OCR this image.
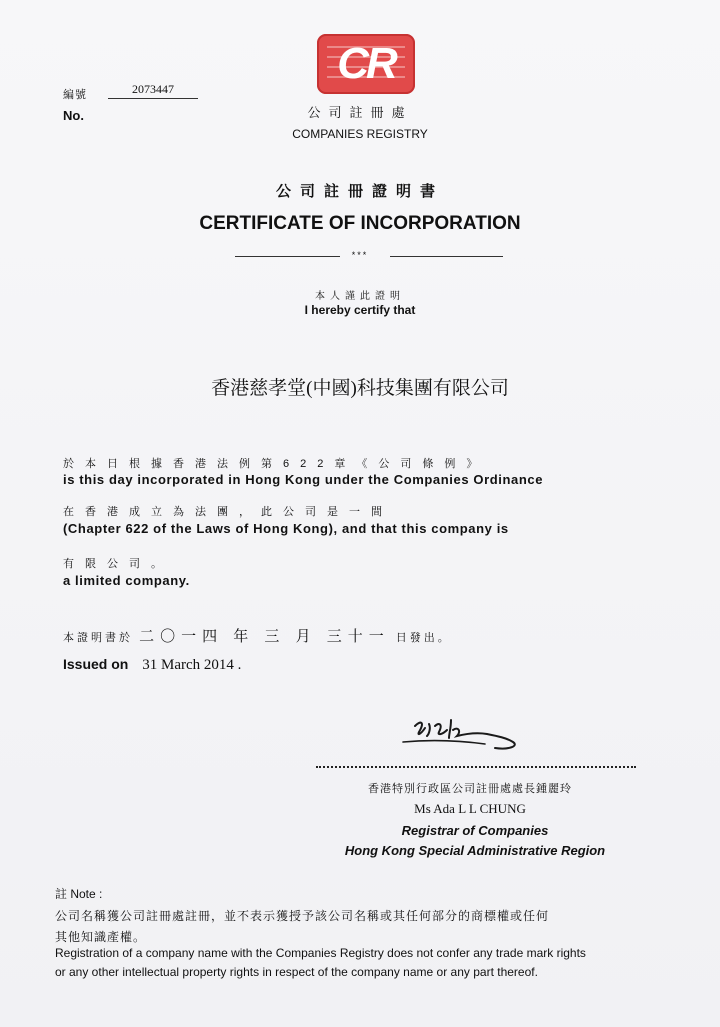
編號	2073447
No.
CR
公司註冊處
COMPANIES REGISTRY
公司註冊證明書
CERTIFICATE OF INCORPORATION
***
本人謹此證明
I hereby certify that
香港慈孝堂(中國)科技集團有限公司
於本日根據香港法例第622章《公司條例》
is this day incorporated in Hong Kong under the Companies Ordinance
在香港成立為法團，此公司是一間
(Chapter 622 of the Laws of Hong Kong), and that this company is
有限公司。
a limited company.
本證明書於 二〇一四 年 三 月 三十一 日發出。
Issued on 31 March 2014 .
香港特別行政區公司註冊處處長鍾麗玲
Ms Ada L L CHUNG
Registrar of Companies
Hong Kong Special Administrative Region
註 Note :
公司名稱獲公司註冊處註冊，並不表示獲授予該公司名稱或其任何部分的商標權或任何
其他知識產權。
Registration of a company name with the Companies Registry does not confer any trade mark rights
or any other intellectual property rights in respect of the company name or any part thereof.
